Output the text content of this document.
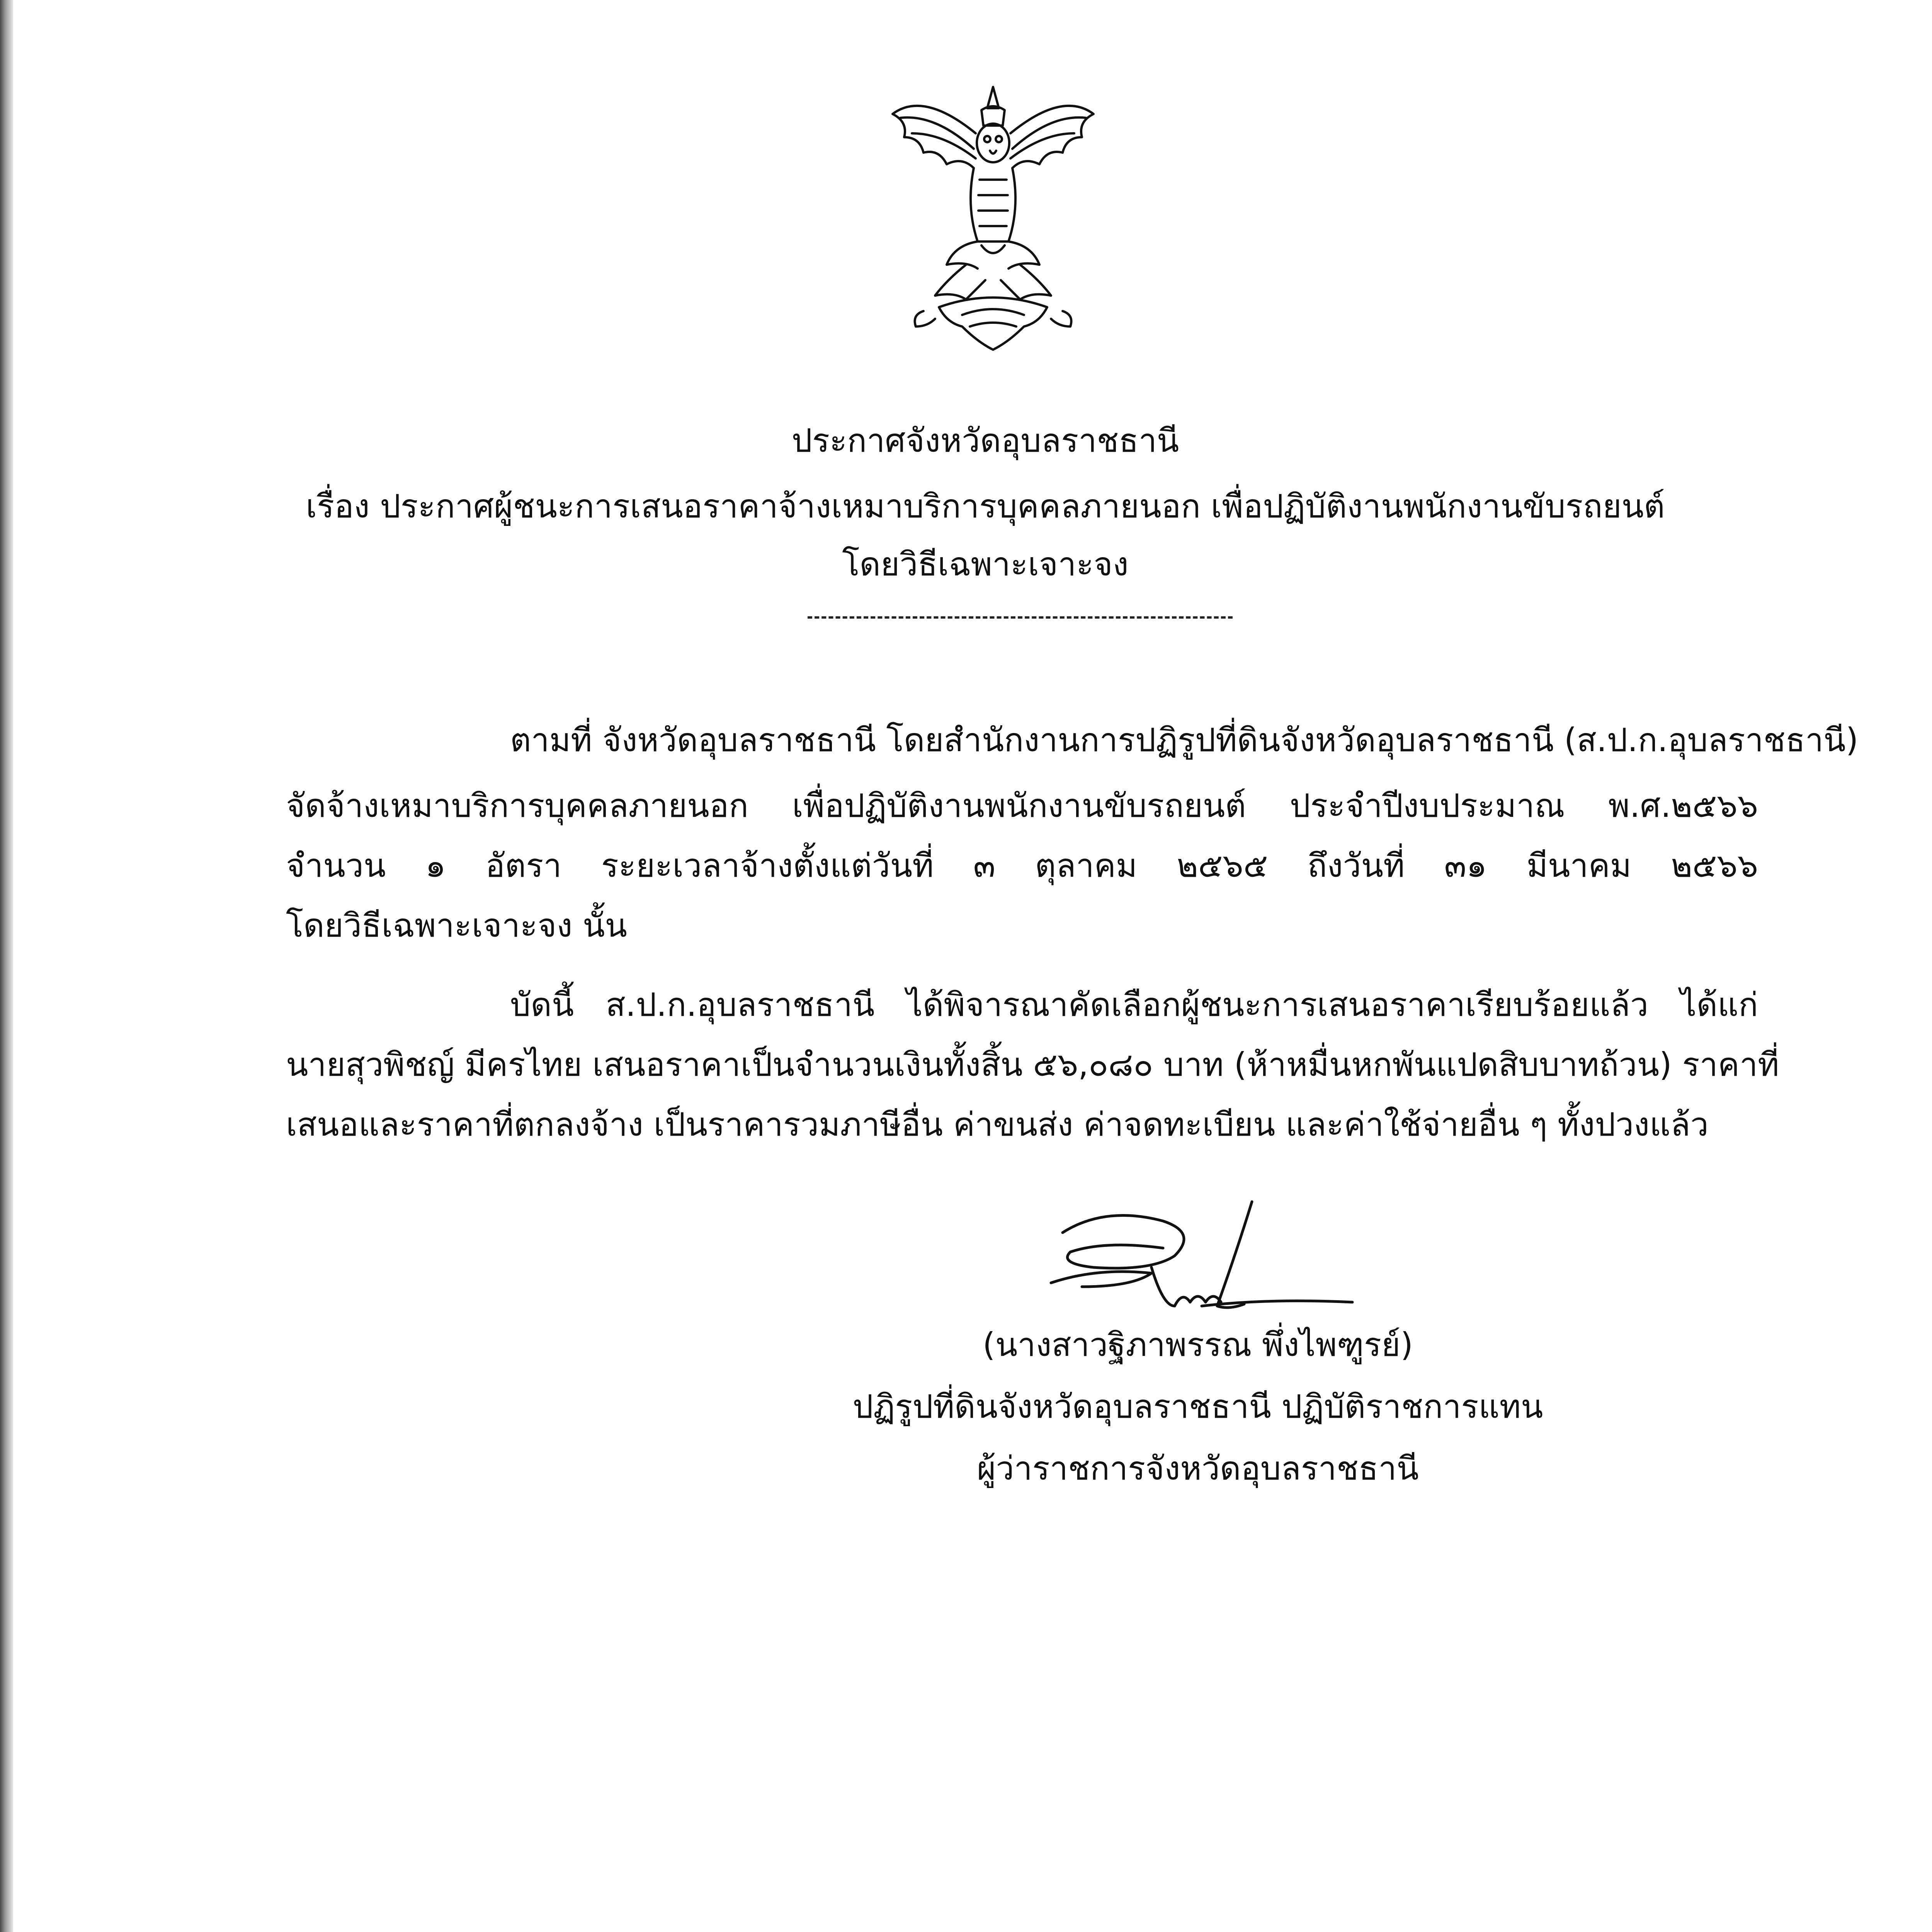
ประกาศจังหวัดอุบลราชธานี
เรื่อง ประกาศผู้ชนะการเสนอราคาจ้างเหมาบริการบุคคลภายนอก เพื่อปฏิบัติงานพนักงานขับรถยนต์
โดยวิธีเฉพาะเจาะจง
ตามที่ จังหวัดอุบลราชธานี โดยสำนักงานการปฏิรูปที่ดินจังหวัดอุบลราชธานี (ส.ป.ก.อุบลราชธานี)
จัดจ้างเหมาบริการบุคคลภายนอก เพื่อปฏิบัติงานพนักงานขับรถยนต์ ประจำปีงบประมาณ พ.ศ.๒๕๖๖
จำนวน ๑ อัตรา ระยะเวลาจ้างตั้งแต่วันที่ ๓ ตุลาคม ๒๕๖๕ ถึงวันที่ ๓๑ มีนาคม ๒๕๖๖
โดยวิธีเฉพาะเจาะจง นั้น
บัดนี้ ส.ป.ก.อุบลราชธานี ได้พิจารณาคัดเลือกผู้ชนะการเสนอราคาเรียบร้อยแล้ว ได้แก่
นายสุวพิชญ์ มีครไทย เสนอราคาเป็นจำนวนเงินทั้งสิ้น ๕๖,๐๘๐ บาท (ห้าหมื่นหกพันแปดสิบบาทถ้วน) ราคาที่
เสนอและราคาที่ตกลงจ้าง เป็นราคารวมภาษีอื่น ค่าขนส่ง ค่าจดทะเบียน และค่าใช้จ่ายอื่น ๆ ทั้งปวงแล้ว
(นางสาวฐิภาพรรณ พึ่งไพฑูรย์)
ปฏิรูปที่ดินจังหวัดอุบลราชธานี ปฏิบัติราชการแทน
ผู้ว่าราชการจังหวัดอุบลราชธานี
